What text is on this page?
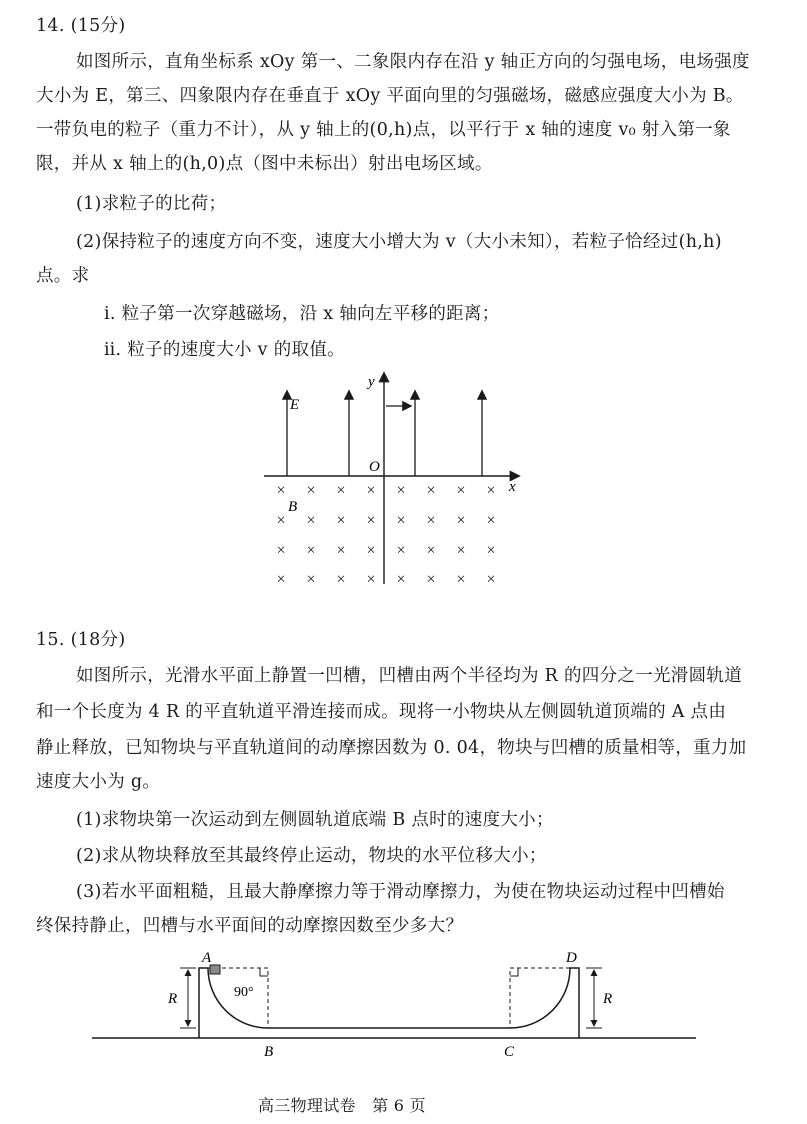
14. (15分)
如图所示，直角坐标系 xOy 第一、二象限内存在沿 y 轴正方向的匀强电场，电场强度
大小为 E，第三、四象限内存在垂直于 xOy 平面向里的匀强磁场，磁感应强度大小为 B。
一带负电的粒子（重力不计），从 y 轴上的(0,h)点，以平行于 x 轴的速度 v₀ 射入第一象
限，并从 x 轴上的(h,0)点（图中未标出）射出电场区域。
(1)求粒子的比荷；
(2)保持粒子的速度方向不变，速度大小增大为 v（大小未知），若粒子恰经过(h,h)
点。求
ⅰ. 粒子第一次穿越磁场，沿 x 轴向左平移的距离；
ⅱ. 粒子的速度大小 v 的取值。
y
x
O
E
B
× × × × × × × ×
× × × × × × × ×
× × × × × × × ×
× × × × × × × ×
15. (18分)
如图所示，光滑水平面上静置一凹槽，凹槽由两个半径均为 R 的四分之一光滑圆轨道
和一个长度为 4 R 的平直轨道平滑连接而成。现将一小物块从左侧圆轨道顶端的 A 点由
静止释放，已知物块与平直轨道间的动摩擦因数为 0. 04，物块与凹槽的质量相等，重力加
速度大小为 g。
(1)求物块第一次运动到左侧圆轨道底端 B 点时的速度大小；
(2)求从物块释放至其最终停止运动，物块的水平位移大小；
(3)若水平面粗糙，且最大静摩擦力等于滑动摩擦力，为使在物块运动过程中凹槽始
终保持静止，凹槽与水平面间的动摩擦因数至少多大？
A	D
B	C
R	R
90°
高三物理试卷　第 6 页
